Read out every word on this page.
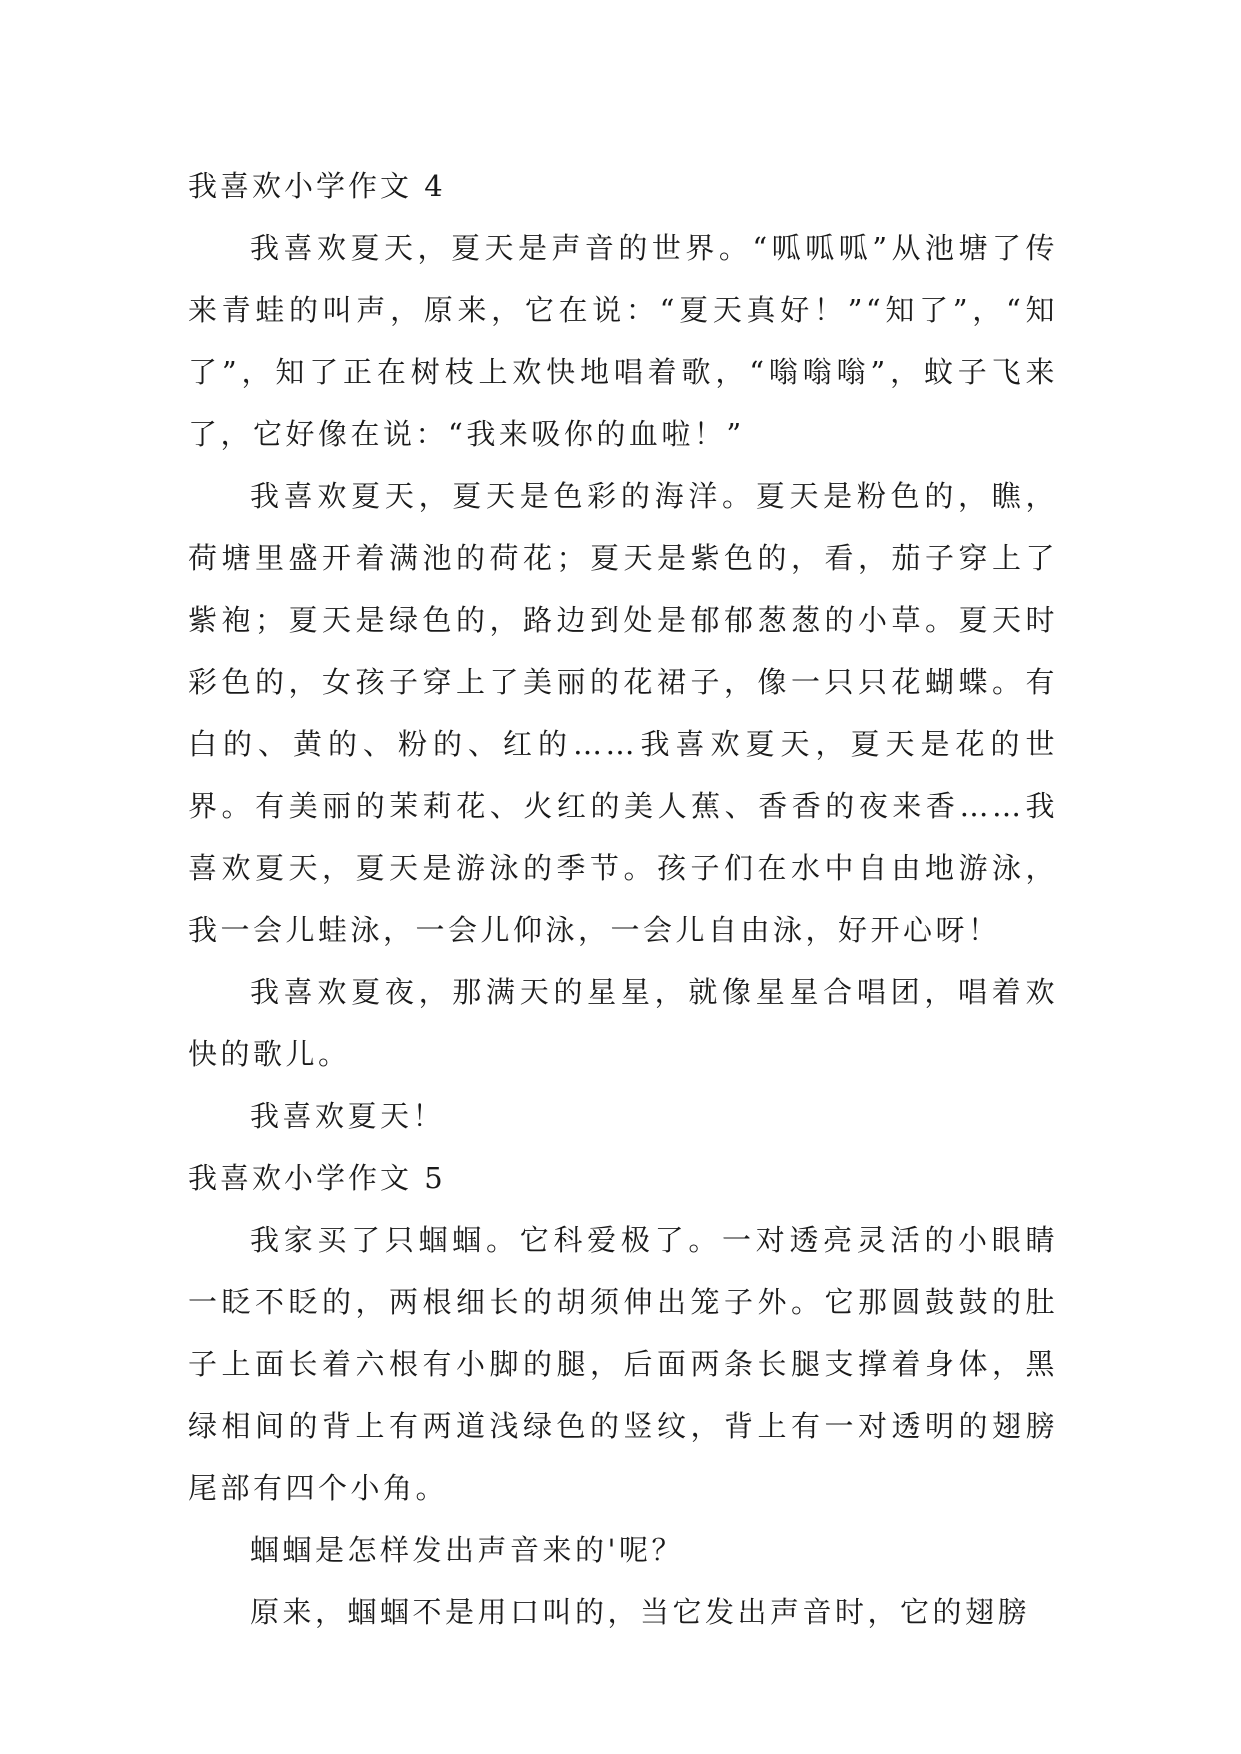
我喜欢小学作文 4

我喜欢夏天，夏天是声音的世界。“呱呱呱”从池塘了传来青蛙的叫声，原来，它在说：“夏天真好！”“知了”，“知了”，知了正在树枝上欢快地唱着歌，“嗡嗡嗡”，蚊子飞来了，它好像在说：“我来吸你的血啦！”

我喜欢夏天，夏天是色彩的海洋。夏天是粉色的，瞧，荷塘里盛开着满池的荷花；夏天是紫色的，看，茄子穿上了紫袍；夏天是绿色的，路边到处是郁郁葱葱的小草。夏天时彩色的，女孩子穿上了美丽的花裙子，像一只只花蝴蝶。有白的、黄的、粉的、红的……我喜欢夏天，夏天是花的世界。有美丽的茉莉花、火红的美人蕉、香香的夜来香……我喜欢夏天，夏天是游泳的季节。孩子们在水中自由地游泳，我一会儿蛙泳，一会儿仰泳，一会儿自由泳，好开心呀！

我喜欢夏夜，那满天的星星，就像星星合唱团，唱着欢快的歌儿。

我喜欢夏天！

我喜欢小学作文 5

我家买了只蝈蝈。它科爱极了。一对透亮灵活的小眼睛一眨不眨的，两根细长的胡须伸出笼子外。它那圆鼓鼓的肚子上面长着六根有小脚的腿，后面两条长腿支撑着身体，黑绿相间的背上有两道浅绿色的竖纹，背上有一对透明的翅膀尾部有四个小角。

蝈蝈是怎样发出声音来的'呢？

原来，蝈蝈不是用口叫的，当它发出声音时，它的翅膀
